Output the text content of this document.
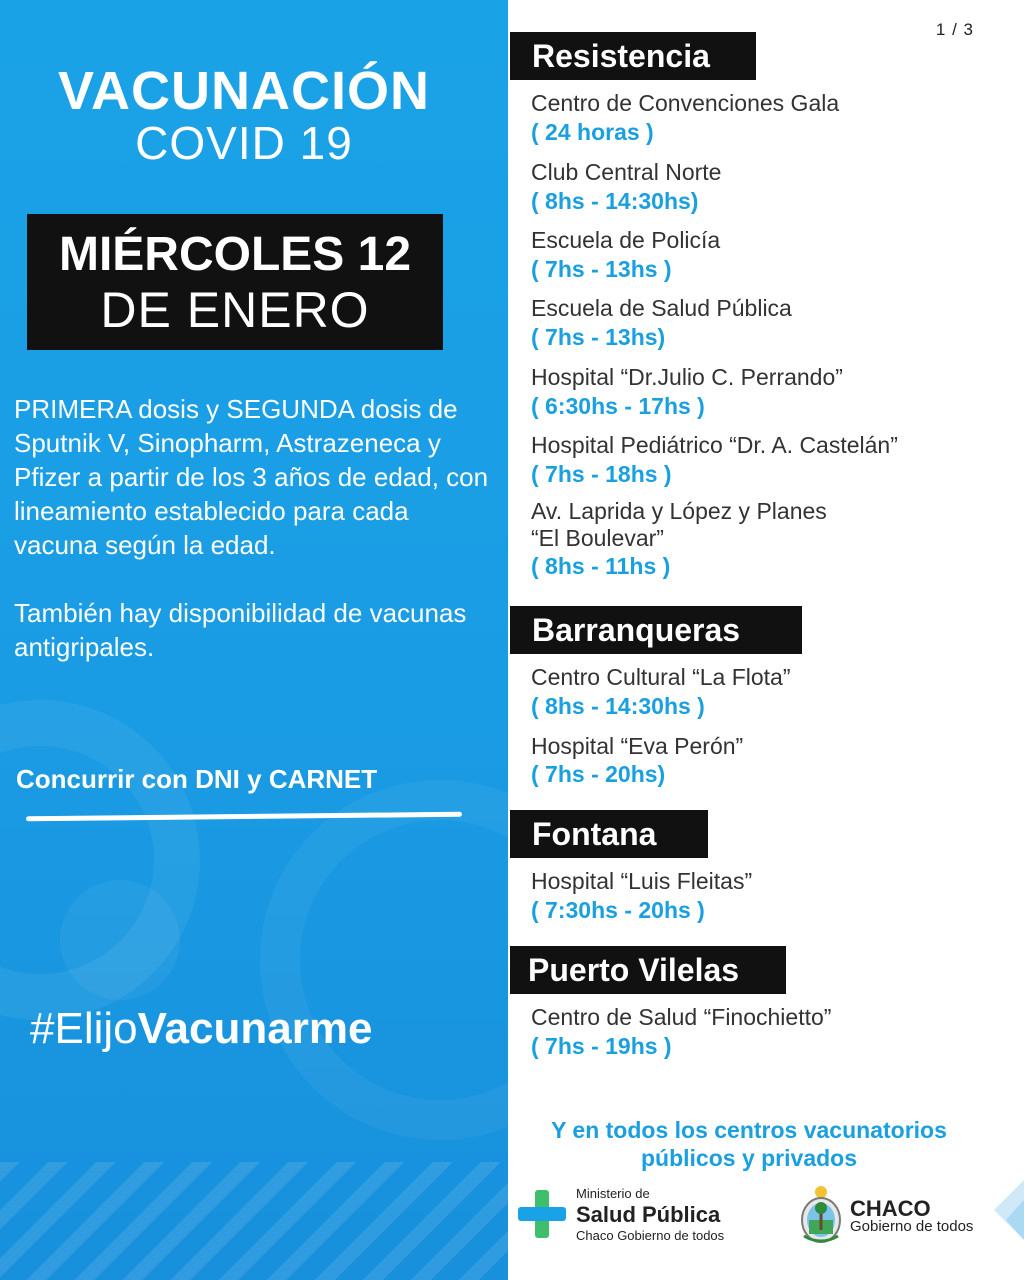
VACUNACIÓN
COVID 19
MIÉRCOLES 12
DE ENERO

PRIMERA dosis y SEGUNDA dosis de Sputnik V, Sinopharm, Astrazeneca y Pfizer a partir de los 3 años de edad, con lineamiento establecido para cada vacuna según la edad.

También hay disponibilidad de vacunas antigripales.

Concurrir con DNI y CARNET
#ElijoVacunarme
1 / 3
Resistencia
Centro de Convenciones Gala
( 24 horas )
Club Central Norte
( 8hs - 14:30hs)
Escuela de Policía
( 7hs - 13hs )
Escuela de Salud Pública
( 7hs - 13hs)
Hospital “Dr.Julio C. Perrando”
( 6:30hs - 17hs )
Hospital Pediátrico “Dr. A. Castelán”
( 7hs - 18hs )
Av. Laprida y López y Planes
“El Boulevar”
( 8hs - 11hs )
Barranqueras
Centro Cultural “La Flota”
( 8hs - 14:30hs )
Hospital “Eva Perón”
( 7hs - 20hs)
Fontana
Hospital “Luis Fleitas”
( 7:30hs - 20hs )
Puerto Vilelas
Centro de Salud “Finochietto”
( 7hs - 19hs )
Y en todos los centros vacunatorios
públicos y privados
Ministerio de
Salud Pública
Chaco Gobierno de todos
CHACO
Gobierno de todos
